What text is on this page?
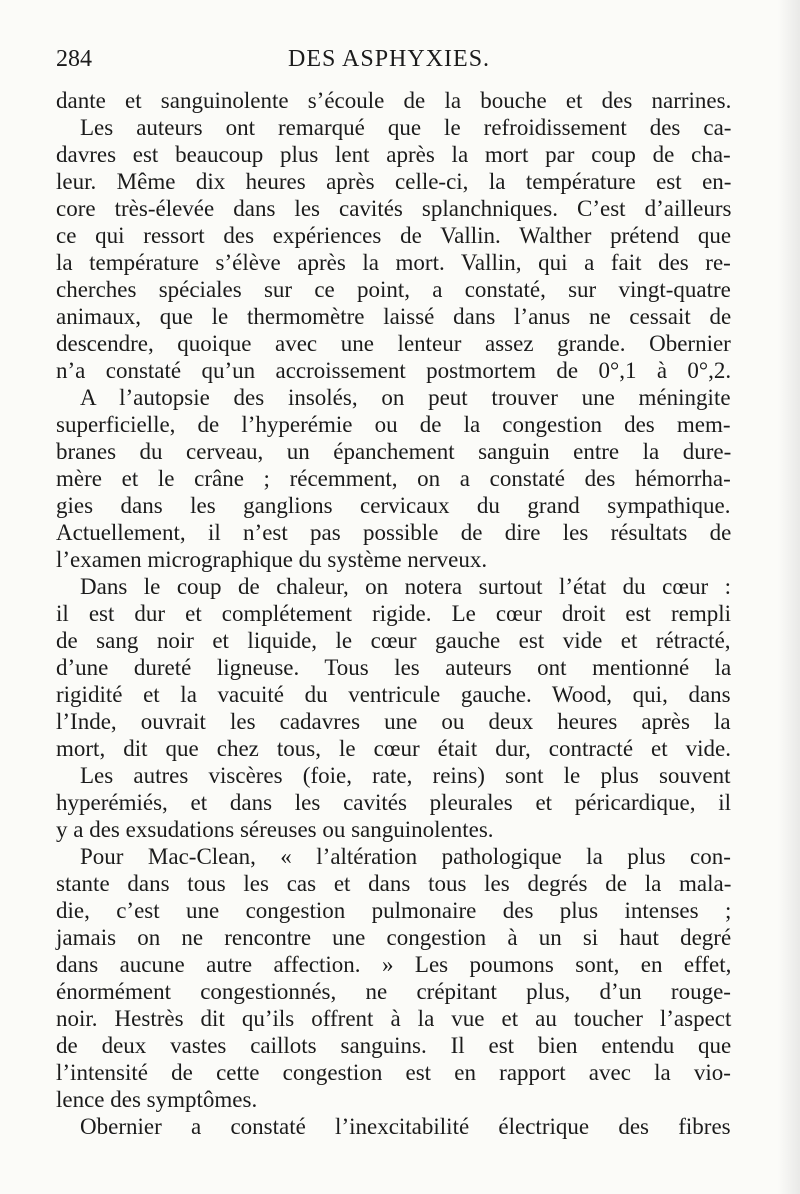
284	DES ASPHYXIES.
dante et sanguinolente s’écoule de la bouche et des narrines.
Les auteurs ont remarqué que le refroidissement des ca-
davres est beaucoup plus lent après la mort par coup de cha-
leur. Même dix heures après celle-ci, la température est en-
core très-élevée dans les cavités splanchniques. C’est d’ailleurs
ce qui ressort des expériences de Vallin. Walther prétend que
la température s’élève après la mort. Vallin, qui a fait des re-
cherches spéciales sur ce point, a constaté, sur vingt-quatre
animaux, que le thermomètre laissé dans l’anus ne cessait de
descendre, quoique avec une lenteur assez grande. Obernier
n’a constaté qu’un accroissement postmortem de 0°,1 à 0°,2.
A l’autopsie des insolés, on peut trouver une méningite
superficielle, de l’hyperémie ou de la congestion des mem-
branes du cerveau, un épanchement sanguin entre la dure-
mère et le crâne ; récemment, on a constaté des hémorrha-
gies dans les ganglions cervicaux du grand sympathique.
Actuellement, il n’est pas possible de dire les résultats de
l’examen micrographique du système nerveux.
Dans le coup de chaleur, on notera surtout l’état du cœur :
il est dur et complétement rigide. Le cœur droit est rempli
de sang noir et liquide, le cœur gauche est vide et rétracté,
d’une dureté ligneuse. Tous les auteurs ont mentionné la
rigidité et la vacuité du ventricule gauche. Wood, qui, dans
l’Inde, ouvrait les cadavres une ou deux heures après la
mort, dit que chez tous, le cœur était dur, contracté et vide.
Les autres viscères (foie, rate, reins) sont le plus souvent
hyperémiés, et dans les cavités pleurales et péricardique, il
y a des exsudations séreuses ou sanguinolentes.
Pour Mac-Clean, « l’altération pathologique la plus con-
stante dans tous les cas et dans tous les degrés de la mala-
die, c’est une congestion pulmonaire des plus intenses ;
jamais on ne rencontre une congestion à un si haut degré
dans aucune autre affection. » Les poumons sont, en effet,
énormément congestionnés, ne crépitant plus, d’un rouge-
noir. Hestrès dit qu’ils offrent à la vue et au toucher l’aspect
de deux vastes caillots sanguins. Il est bien entendu que
l’intensité de cette congestion est en rapport avec la vio-
lence des symptômes.
Obernier a constaté l’inexcitabilité électrique des fibres
